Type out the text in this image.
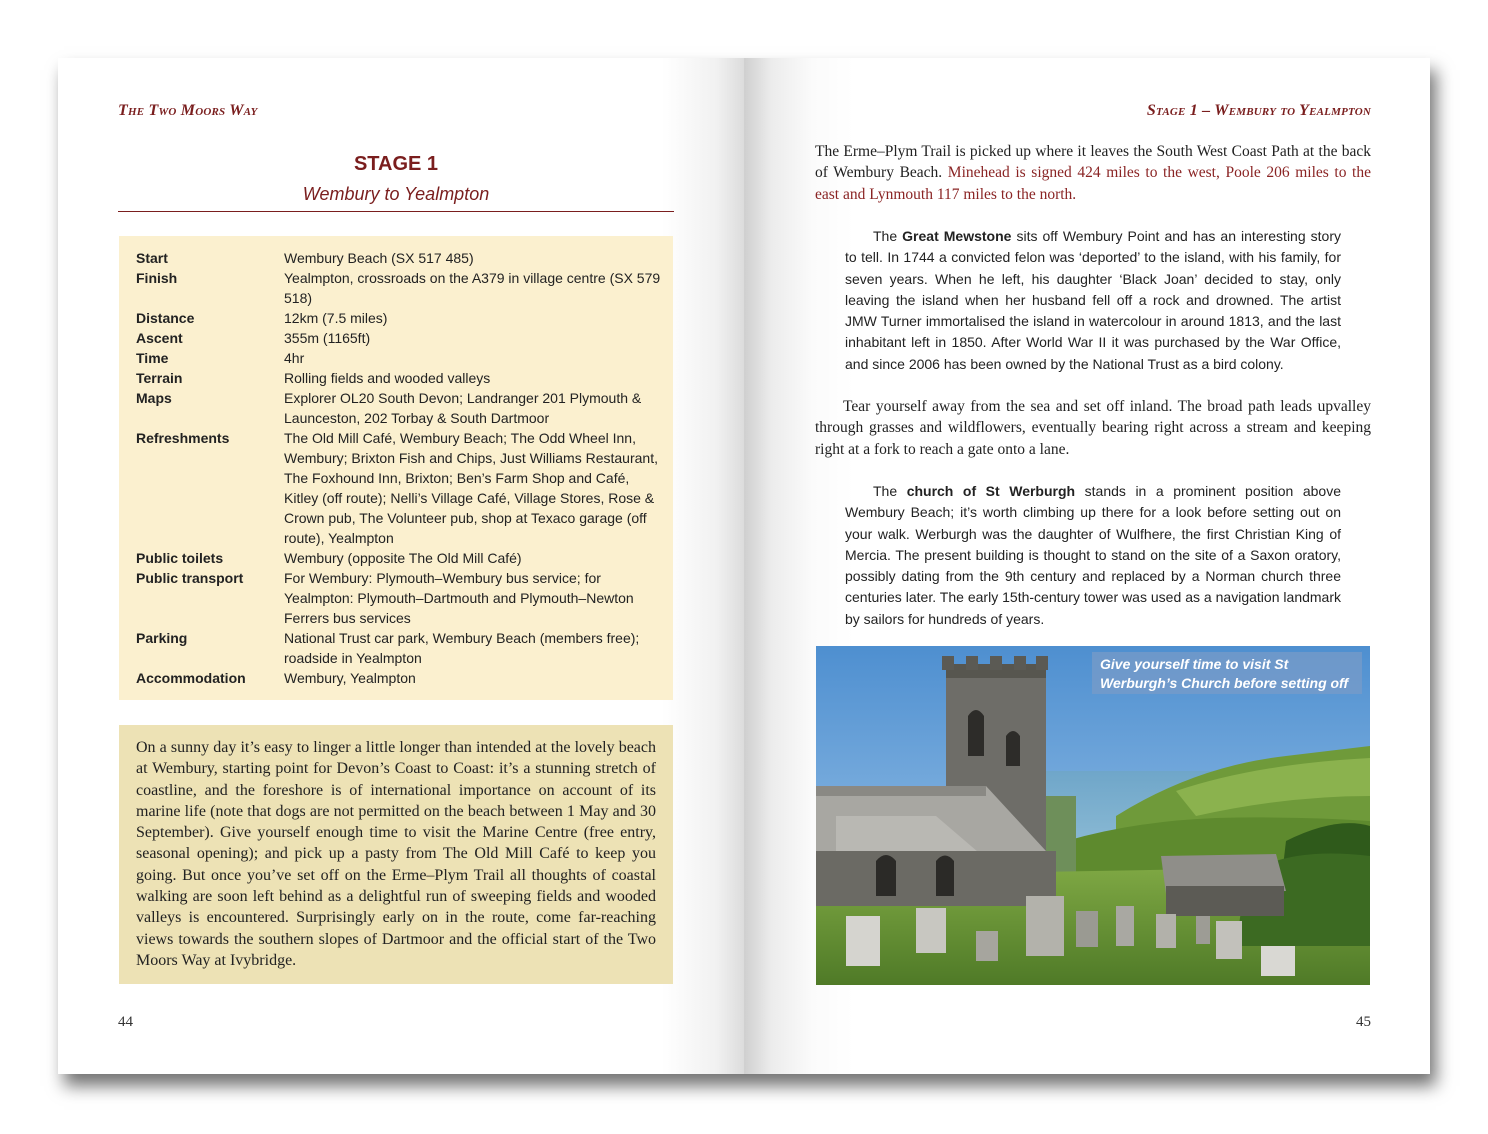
The Two Moors Way
STAGE 1
Wembury to Yealmpton
Start	Wembury Beach (SX 517 485)
Finish	Yealmpton, crossroads on the A379 in village centre (SX 579 518)
Distance	12km (7.5 miles)
Ascent	355m (1165ft)
Time	4hr
Terrain	Rolling fields and wooded valleys
Maps	Explorer OL20 South Devon; Landranger 201 Plymouth & Launceston, 202 Torbay & South Dartmoor
Refreshments	The Old Mill Café, Wembury Beach; The Odd Wheel Inn, Wembury; Brixton Fish and Chips, Just Williams Restaurant, The Foxhound Inn, Brixton; Ben’s Farm Shop and Café, Kitley (off route); Nelli’s Village Café, Village Stores, Rose & Crown pub, The Volunteer pub, shop at Texaco garage (off route), Yealmpton
Public toilets	Wembury (opposite The Old Mill Café)
Public transport	For Wembury: Plymouth–Wembury bus service; for Yealmpton: Plymouth–Dartmouth and Plymouth–Newton Ferrers bus services
Parking	National Trust car park, Wembury Beach (members free); roadside in Yealmpton
Accommodation	Wembury, Yealmpton
On a sunny day it’s easy to linger a little longer than intended at the lovely beach at Wembury, starting point for Devon’s Coast to Coast: it’s a stunning stretch of coastline, and the foreshore is of international importance on account of its marine life (note that dogs are not permitted on the beach between 1 May and 30 September). Give yourself enough time to visit the Marine Centre (free entry, seasonal opening); and pick up a pasty from The Old Mill Café to keep you going. But once you’ve set off on the Erme–Plym Trail all thoughts of coastal walking are soon left behind as a delightful run of sweeping fields and wooded valleys is encountered. Surprisingly early on in the route, come far-reaching views towards the southern slopes of Dartmoor and the official start of the Two Moors Way at Ivybridge.
44
Stage 1 – Wembury to Yealmpton
The Erme–Plym Trail is picked up where it leaves the South West Coast Path at the back of Wembury Beach. Minehead is signed 424 miles to the west, Poole 206 miles to the east and Lynmouth 117 miles to the north.
The Great Mewstone sits off Wembury Point and has an interesting story to tell. In 1744 a convicted felon was ‘deported’ to the island, with his family, for seven years. When he left, his daughter ‘Black Joan’ decided to stay, only leaving the island when her husband fell off a rock and drowned. The artist JMW Turner immortalised the island in watercolour in around 1813, and the last inhabitant left in 1850. After World War II it was purchased by the War Office, and since 2006 has been owned by the National Trust as a bird colony.
Tear yourself away from the sea and set off inland. The broad path leads upvalley through grasses and wildflowers, eventually bearing right across a stream and keeping right at a fork to reach a gate onto a lane.
The church of St Werburgh stands in a prominent position above Wembury Beach; it’s worth climbing up there for a look before setting out on your walk. Werburgh was the daughter of Wulfhere, the first Christian King of Mercia. The present building is thought to stand on the site of a Saxon oratory, possibly dating from the 9th century and replaced by a Norman church three centuries later. The early 15th-century tower was used as a navigation landmark by sailors for hundreds of years.
Give yourself time to visit St Werburgh’s Church before setting off
45
